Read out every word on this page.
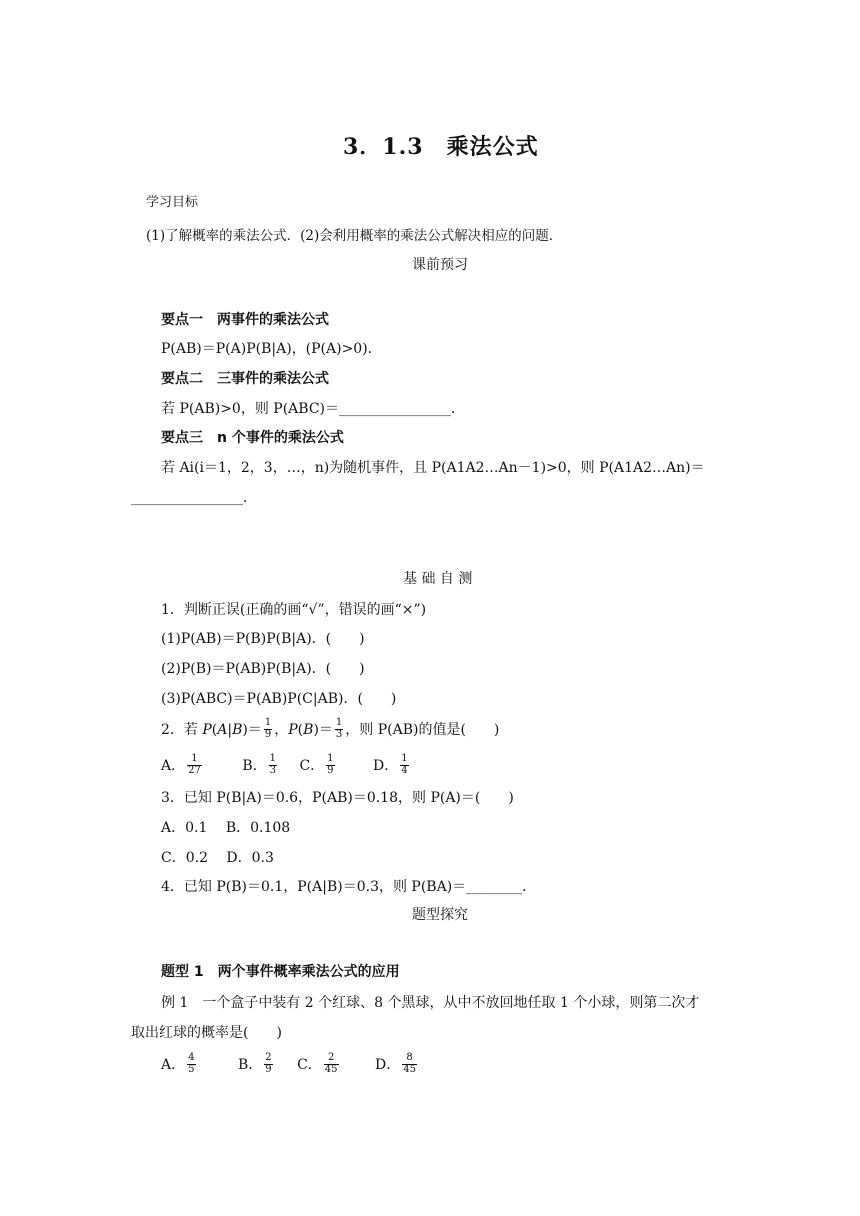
3．1.3　乘法公式
学习目标
(1)了解概率的乘法公式．(2)会利用概率的乘法公式解决相应的问题．
课前预习
要点一　两事件的乘法公式
P(AB)＝P(A)P(B|A)，(P(A)>0)．
要点二　三事件的乘法公式
若 P(AB)>0，则 P(ABC)＝________________．
要点三　n 个事件的乘法公式
若 Ai(i＝1，2，3，…，n)为随机事件，且 P(A1A2…An－1)>0，则 P(A1A2…An)＝
________________．
基 础 自 测
1．判断正误(正确的画“√”，错误的画“×”)
(1)P(AB)＝P(B)P(B|A)．(　　)
(2)P(B)＝P(AB)P(B|A)．(　　)
(3)P(ABC)＝P(AB)P(C|AB)．(　　)
2．若 $P(A|B)= \frac{1}{9}$ ，$P(B)= \frac{1}{3}$ ，则 P(AB)的值是(　　)
A． $\frac{1}{27}$	B． $\frac{1}{3}$ C． $\frac{1}{9}$	D． $\frac{1}{4}$
3．已知 P(B|A)＝0.6，P(AB)＝0.18，则 P(A)＝(　　)
A．0.1　 B．0.108
C．0.2　 D．0.3
4．已知 P(B)＝0.1，P(A|B)＝0.3，则 P(BA)＝________．
题型探究
题型 1　两个事件概率乘法公式的应用
例 1　一个盒子中装有 2 个红球、8 个黑球，从中不放回地任取 1 个小球，则第二次才
取出红球的概率是(　　)
A． $\frac{4}{5}$	B． $\frac{2}{9}$ C． $\frac{2}{45}$	D． $\frac{8}{45}$
